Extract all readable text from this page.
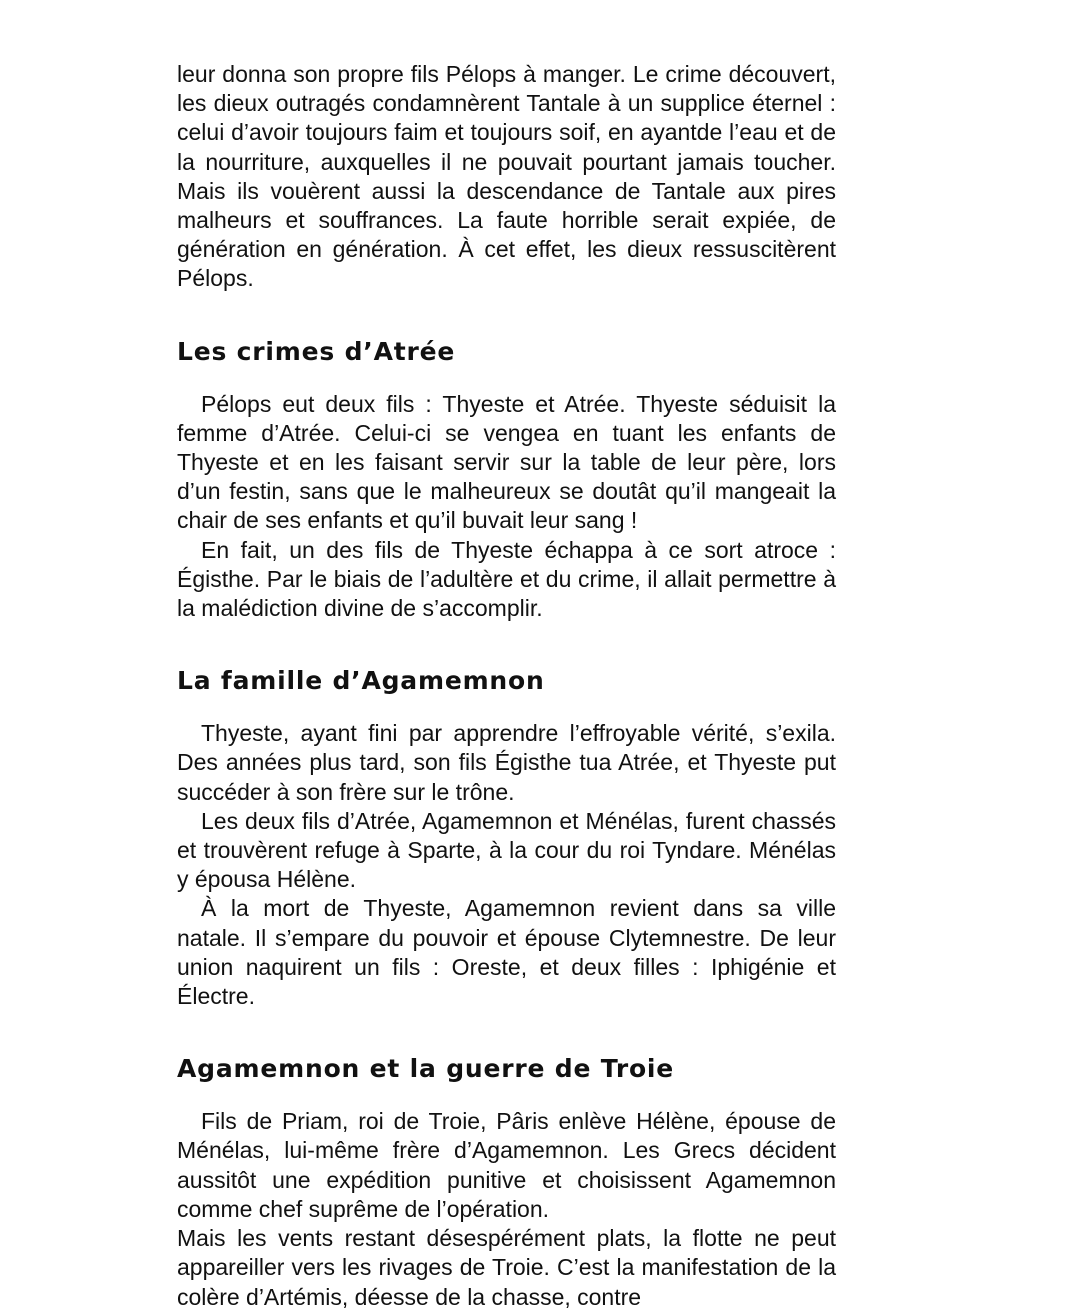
leur donna son propre fils Pélops à manger. Le crime découvert, les dieux outragés condamnèrent Tantale à un supplice éternel : celui d’avoir toujours faim et toujours soif, en ayantde l’eau et de la nourriture, auxquelles il ne pouvait pourtant jamais toucher. Mais ils vouèrent aussi la descendance de Tantale aux pires malheurs et souffrances. La faute horrible serait expiée, de génération en génération. À cet effet, les dieux ressuscitèrent Pélops.

Les crimes d’Atrée

Pélops eut deux fils : Thyeste et Atrée. Thyeste séduisit la femme d’Atrée. Celui-ci se vengea en tuant les enfants de Thyeste et en les faisant servir sur la table de leur père, lors d’un festin, sans que le malheureux se doutât qu’il mangeait la chair de ses enfants et qu’il buvait leur sang !

En fait, un des fils de Thyeste échappa à ce sort atroce : Égisthe. Par le biais de l’adultère et du crime, il allait permettre à la malédiction divine de s’accomplir.

La famille d’Agamemnon

Thyeste, ayant fini par apprendre l’effroyable vérité, s’exila. Des années plus tard, son fils Égisthe tua Atrée, et Thyeste put succéder à son frère sur le trône.

Les deux fils d’Atrée, Agamemnon et Ménélas, furent chassés et trouvèrent refuge à Sparte, à la cour du roi Tyndare. Ménélas y épousa Hélène.

À la mort de Thyeste, Agamemnon revient dans sa ville natale. Il s’empare du pouvoir et épouse Clytemnestre. De leur union naquirent un fils : Oreste, et deux filles : Iphigénie et Électre.

Agamemnon et la guerre de Troie

Fils de Priam, roi de Troie, Pâris enlève Hélène, épouse de Ménélas, lui-même frère d’Agamemnon. Les Grecs décident aussitôt une expédition punitive et choisissent Agamemnon comme chef suprême de l’opération.

Mais les vents restant désespérément plats, la flotte ne peut appareiller vers les rivages de Troie. C’est la manifestation de la colère d’Artémis, déesse de la chasse, contre
